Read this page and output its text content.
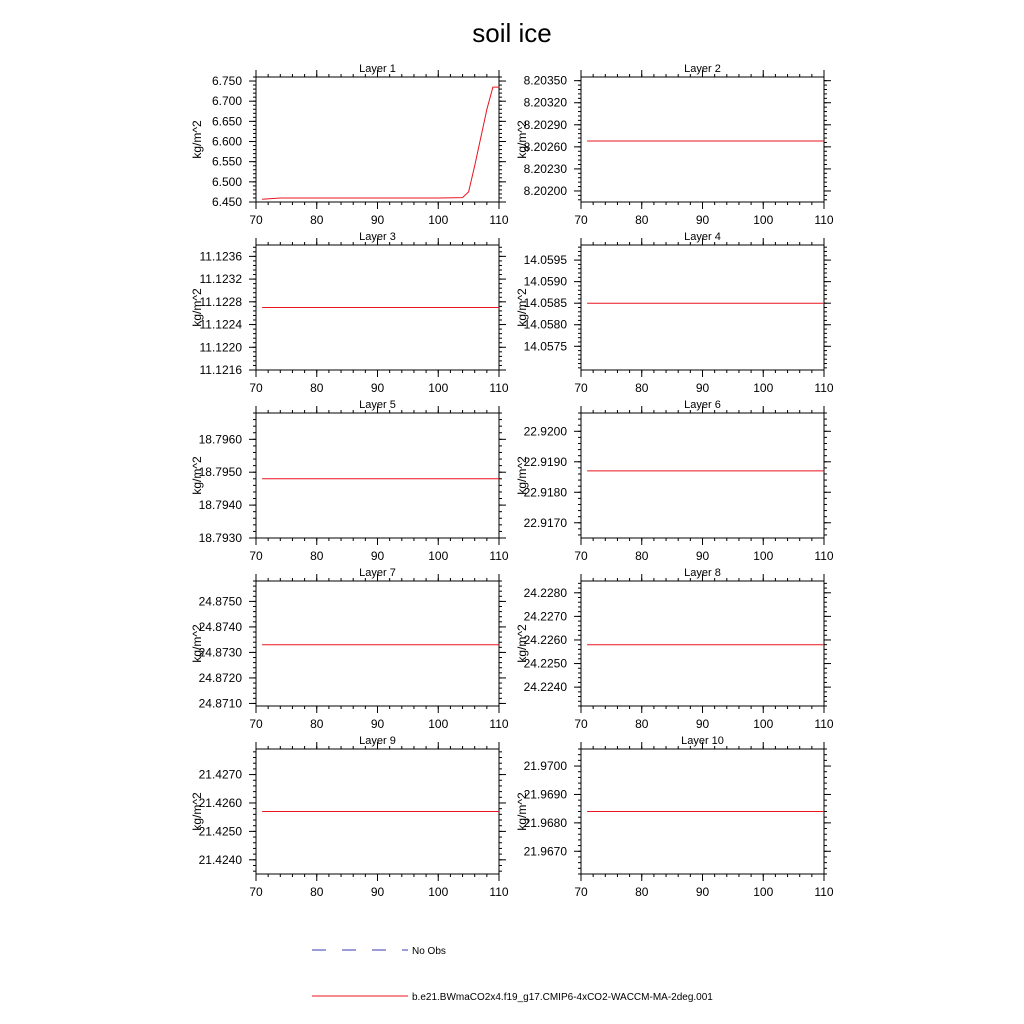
soil ice
Layer 1
kg/m^2
70	80	90	100	110
6.450
6.500
6.550
6.600
6.650
6.700
6.750
Layer 2
kg/m^2
70	80	90	100	110
8.20200
8.20230
8.20260
8.20290
8.20320
8.20350
Layer 3
kg/m^2
70	80	90	100	110
11.1216
11.1220
11.1224
11.1228
11.1232
11.1236
Layer 4
kg/m^2
70	80	90	100	110
14.0575
14.0580
14.0585
14.0590
14.0595
Layer 5
kg/m^2
70	80	90	100	110
18.7930
18.7940
18.7950
18.7960
Layer 6
kg/m^2
70	80	90	100	110
22.9170
22.9180
22.9190
22.9200
Layer 7
kg/m^2
70	80	90	100	110
24.8710
24.8720
24.8730
24.8740
24.8750
Layer 8
kg/m^2
70	80	90	100	110
24.2240
24.2250
24.2260
24.2270
24.2280
Layer 9
kg/m^2
70	80	90	100	110
21.4240
21.4250
21.4260
21.4270
Layer 10
kg/m^2
70	80	90	100	110
21.9670
21.9680
21.9690
21.9700
No Obs
b.e21.BWmaCO2x4.f19_g17.CMIP6-4xCO2-WACCM-MA-2deg.001
